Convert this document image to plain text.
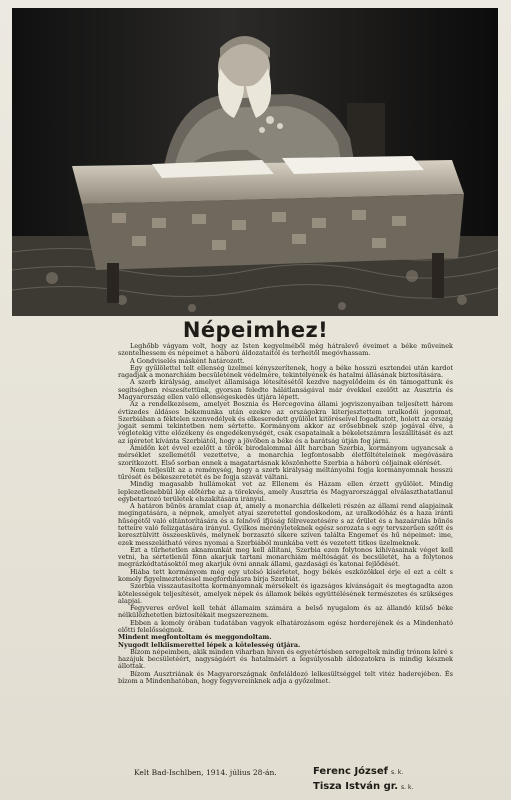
Népeimhez!

Leghőbb vágyam volt, hogy az Isten kegyelméből még hátralevő éveimet a béke műveinek szentelhessem és népeimet a háború áldozataitól és terheitől megóvhassam.

A Gondviselés másként határozott.

Egy gyűlölettel telt ellenség üzelmei kényszerítenek, hogy a béke hosszú esztendei után kardot ragadjak a monarchiám becsületének védelmére, tekintélyének és hatalmi állásának biztosítására.

A szerb királyság, amelyet államisága létesítésétől kezdve nagyelődeim és én támogattunk és segítségben részesítettünk, gyorsan feledte hálátlanságával már évekkel ezelőtt az Ausztria és Magyarország ellen való ellenségeskedés útjára lépett.

Az a rendelkezésem, amelyet Bosznia és Hercegovina állami jogviszonyaiban teljesített három évtizedes áldásos békemunka után ezekre az országokra kiterjesztettem uralkodói jogomat, Szerbiában a féktelen szenvedélyek és elkeseredett gyűlölet kitöréseivel fogadtatott, holott az ország jogait semmi tekintetben nem sértette. Kormányom akkor az erősebbnek szép jogával élve, a végletekig vitte előzékeny és engedékenységét, csak csapatainak a békeletszámra leszállítását és azt az ígéretet kívánta Szerbiától, hogy a jövőben a béke és a barátság útján fog járni.

Amidőn két évvel ezelőtt a török birodalommal állt harcban Szerbia, kormányom ugyancsak a mérséklet szellemétől vezettetve, a monarchia legfontosabb életföltételeinek megóvására szorítkozott. Első sorban ennek a magatartásnak köszönhette Szerbia a háború céljainak elérését.

Nem teljesült az a reménység, hogy a szerb királyság méltányolni fogja kormányomnak hosszú tűrését és békeszeretetét és be fogja szavát váltani.

Mindig magasabb hullámokat vet az Ellenem és Házam ellen érzett gyűlölet. Mindig leplezetlenebbül lép előtérbe az a törekvés, amely Ausztria és Magyarországgal elválaszthatatlanul egybetartozó területek elszakítására irányul.

A határon bűnös áramlat csap át, amely a monarchia délkeleti részén az állami rend alapjainak megingatására, a népnek, amelyet atyai szeretettel gondoskodom, az uralkodóház és a haza iránti hűségétől való eltántorítására és a felnövő ifjúság félrevezetésére s az őrület és a hazaárulás bűnös tetteire való felizgatására irányul. Gyilkos merényleteknek egész sorozata s egy tervszerűen szőtt és keresztülvitt összeesküvés, melynek borzasztó sikere szíven találta Engemet és hű népeimet: ime, ezek messzelátható véres nyomai a Szerbiából munkába vett és vezetett titkos üzelmeknek.

Ezt a tűrhetetlen aknamunkát meg kell állítani, Szerbia ezen folytonos kihívásainak véget kell vetni, ha sértetlenül fönn akarjuk tartani monarchiám méltóságát és becsületét, ha a folytonos megrázkódtatásoktól meg akarjuk óvni annak állami, gazdasági és katonai fejlődését.

Hiába tett kormányom még egy utolsó kísérletet, hogy békés eszközökkel érje el ezt a célt s komoly figyelmeztetéssel megfordulásra bírja Szerbiát.

Szerbia visszautasította kormányomnak mérsékelt és igazságos kívánságait és megtagadta azon kötelességek teljesítését, amelyek népek és államok békés együttélésének természetes és szükséges alapjai.

Fegyveres erővel kell tehát államaim számára a belső nyugalom és az állandó külső béke nélkülözhetetlen biztosítékait megszereznem.

Ebben a komoly órában tudatában vagyok elhatározásom egész horderejének és a Mindenható előtti felelősségnek.

Mindent megfontoltam és meggondoltam.

Nyugodt lelkiismerettel lépek a kötelesség útjára.

Bízom népeimben, akik minden viharban híven és egyetértésben seregeltek mindig trónom köré s hazájuk becsületéért, nagyságáért és hatalmáért a legsúlyosabb áldozatokra is mindig késznek állottak.

Bízom Ausztriának és Magyarországnak önfeláldozó lelkesültséggel telt vitéz haderejében. És bízom a Mindenhatóban, hogy fegyvereinknek adja a győzelmet.

Kelt Bad-Ischlben, 1914. július 28-án.	Ferenc József s. k.
Tisza István gr. s. k.
